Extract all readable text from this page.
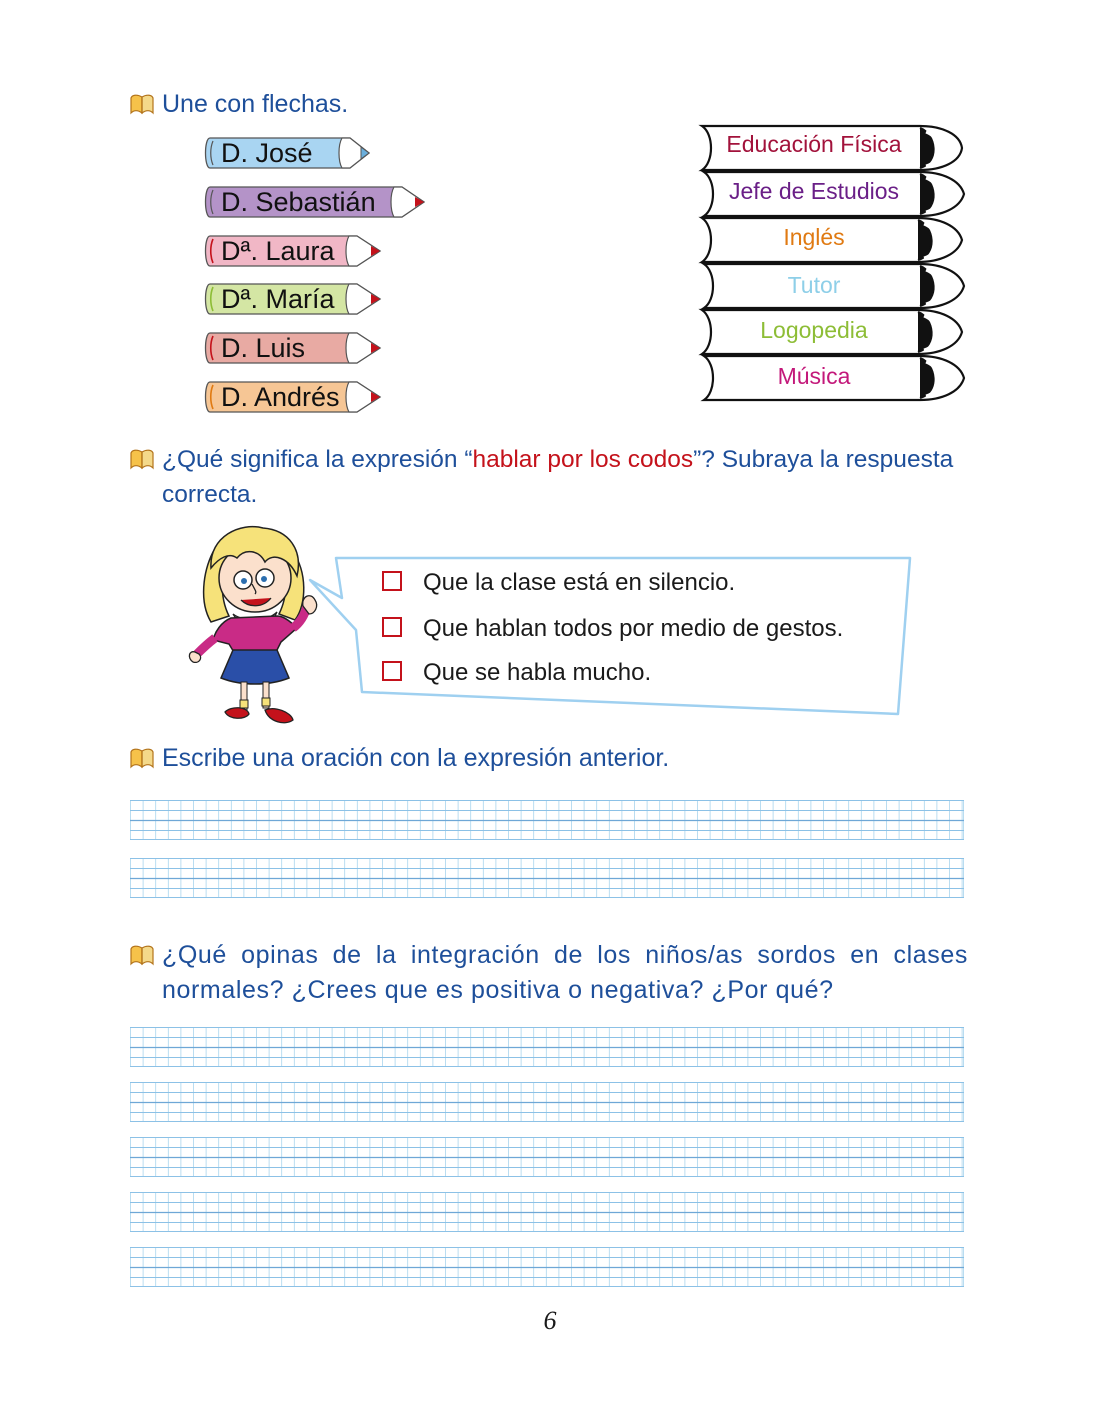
Une con flechas.
D. José
D. Sebastián
Dª. Laura
Dª. María
D. Luis
D. Andrés
Educación Física
Jefe de Estudios
Inglés
Tutor
Logopedia
Música
¿Qué significa la expresión “hablar por los codos”? Subraya la respuesta correcta.
Que la clase está en silencio.
Que hablan todos por medio de gestos.
Que se habla mucho.
Escribe una oración con la expresión anterior.
¿Qué opinas de la integración de los niños/as sordos en clases normales? ¿Crees que es positiva o negativa? ¿Por qué?
6
